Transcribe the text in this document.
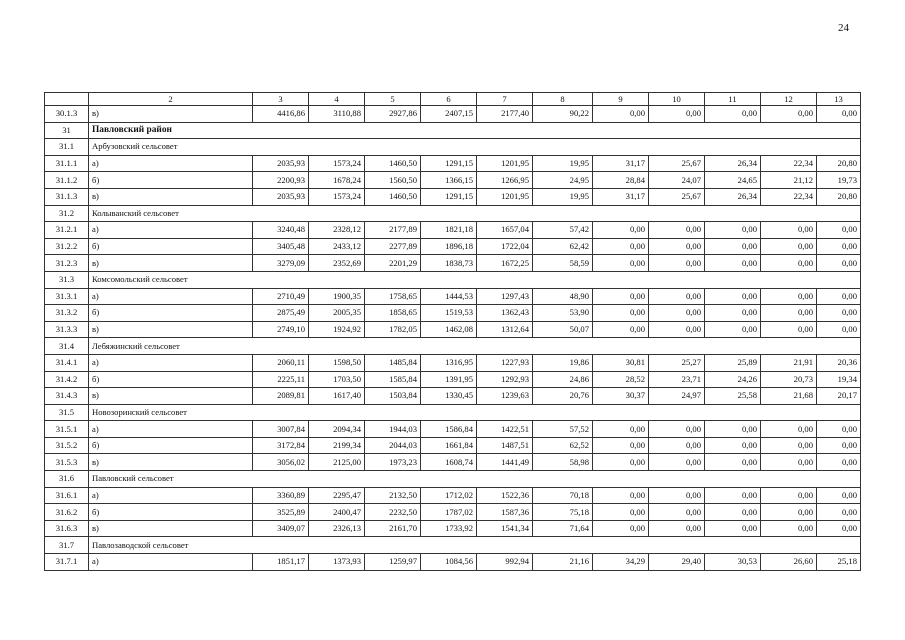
24
	2	3	4	5	6	7	8	9	10	11	12	13
30.1.3	в)	4416,86	3110,88	2927,86	2407,15	2177,40	90,22	0,00	0,00	0,00	0,00	0,00
31	Павловский район											
31.1	Арбузовский сельсовет											
31.1.1	а)	2035,93	1573,24	1460,50	1291,15	1201,95	19,95	31,17	25,67	26,34	22,34	20,80
31.1.2	б)	2200,93	1678,24	1560,50	1366,15	1266,95	24,95	28,84	24,07	24,65	21,12	19,73
31.1.3	в)	2035,93	1573,24	1460,50	1291,15	1201,95	19,95	31,17	25,67	26,34	22,34	20,80
31.2	Колыванский сельсовет											
31.2.1	а)	3240,48	2328,12	2177,89	1821,18	1657,04	57,42	0,00	0,00	0,00	0,00	0,00
31.2.2	б)	3405,48	2433,12	2277,89	1896,18	1722,04	62,42	0,00	0,00	0,00	0,00	0,00
31.2.3	в)	3279,09	2352,69	2201,29	1838,73	1672,25	58,59	0,00	0,00	0,00	0,00	0,00
31.3	Комсомольский сельсовет											
31.3.1	а)	2710,49	1900,35	1758,65	1444,53	1297,43	48,90	0,00	0,00	0,00	0,00	0,00
31.3.2	б)	2875,49	2005,35	1858,65	1519,53	1362,43	53,90	0,00	0,00	0,00	0,00	0,00
31.3.3	в)	2749,10	1924,92	1782,05	1462,08	1312,64	50,07	0,00	0,00	0,00	0,00	0,00
31.4	Лебяжинский сельсовет											
31.4.1	а)	2060,11	1598,50	1485,84	1316,95	1227,93	19,86	30,81	25,27	25,89	21,91	20,36
31.4.2	б)	2225,11	1703,50	1585,84	1391,95	1292,93	24,86	28,52	23,71	24,26	20,73	19,34
31.4.3	в)	2089,81	1617,40	1503,84	1330,45	1239,63	20,76	30,37	24,97	25,58	21,68	20,17
31.5	Новозоринский сельсовет											
31.5.1	а)	3007,84	2094,34	1944,03	1586,84	1422,51	57,52	0,00	0,00	0,00	0,00	0,00
31.5.2	б)	3172,84	2199,34	2044,03	1661,84	1487,51	62,52	0,00	0,00	0,00	0,00	0,00
31.5.3	в)	3056,02	2125,00	1973,23	1608,74	1441,49	58,98	0,00	0,00	0,00	0,00	0,00
31.6	Павловский сельсовет											
31.6.1	а)	3360,89	2295,47	2132,50	1712,02	1522,36	70,18	0,00	0,00	0,00	0,00	0,00
31.6.2	б)	3525,89	2400,47	2232,50	1787,02	1587,36	75,18	0,00	0,00	0,00	0,00	0,00
31.6.3	в)	3409,07	2326,13	2161,70	1733,92	1541,34	71,64	0,00	0,00	0,00	0,00	0,00
31.7	Павлозаводской сельсовет											
31.7.1	а)	1851,17	1373,93	1259,97	1084,56	992,94	21,16	34,29	29,40	30,53	26,60	25,18
